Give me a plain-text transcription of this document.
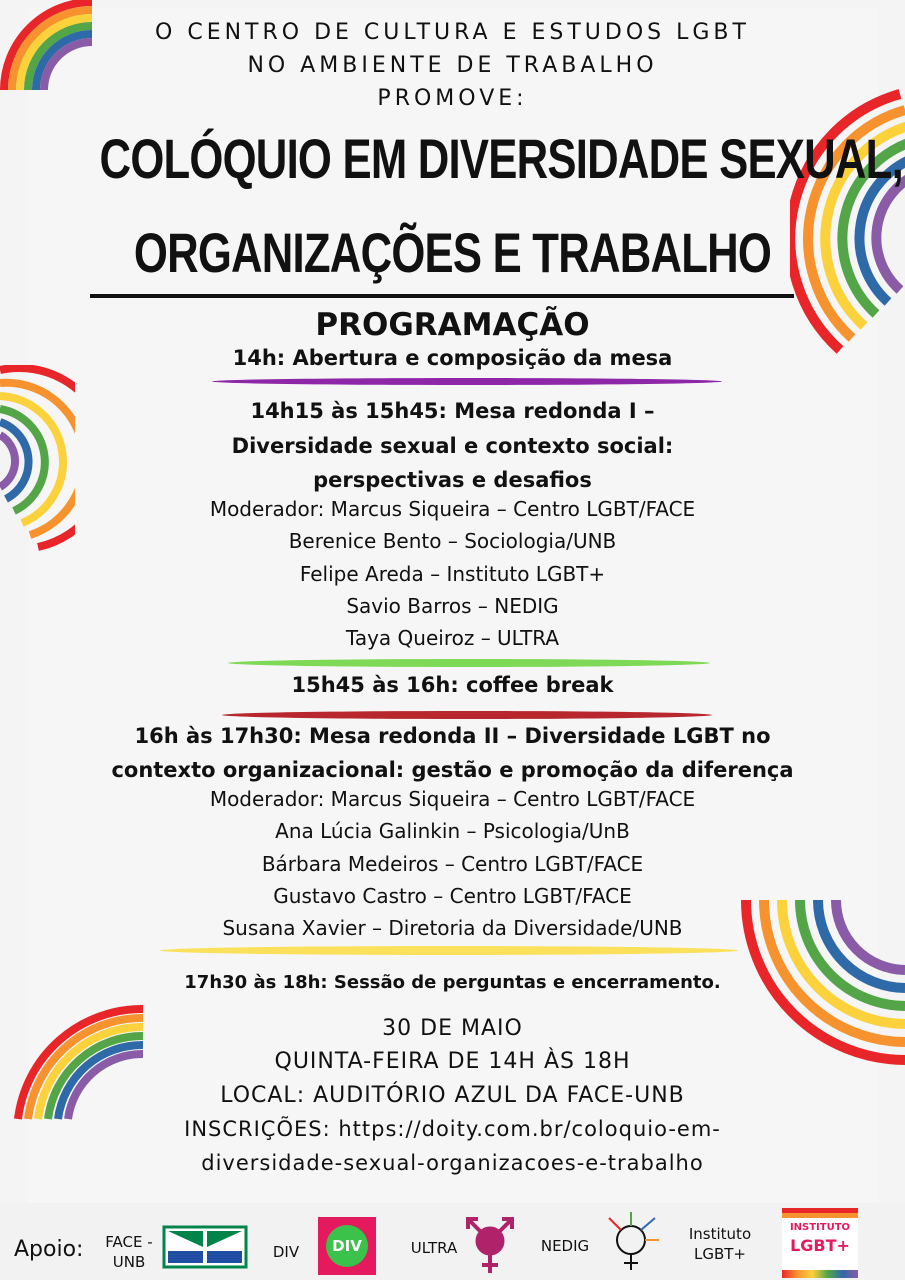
O CENTRO DE CULTURA E ESTUDOS LGBT
NO AMBIENTE DE TRABALHO
PROMOVE:
COLÓQUIO EM DIVERSIDADE SEXUAL,
ORGANIZAÇÕES E TRABALHO
PROGRAMAÇÃO
14h: Abertura e composição da mesa
14h15 às 15h45: Mesa redonda I –
Diversidade sexual e contexto social:
perspectivas e desafios
Moderador: Marcus Siqueira – Centro LGBT/FACE
Berenice Bento – Sociologia/UNB
Felipe Areda – Instituto LGBT+
Savio Barros – NEDIG
Taya Queiroz – ULTRA
15h45 às 16h: coffee break
16h às 17h30: Mesa redonda II – Diversidade LGBT no
contexto organizacional: gestão e promoção da diferença
Moderador: Marcus Siqueira – Centro LGBT/FACE
Ana Lúcia Galinkin – Psicologia/UnB
Bárbara Medeiros – Centro LGBT/FACE
Gustavo Castro – Centro LGBT/FACE
Susana Xavier – Diretoria da Diversidade/UNB
17h30 às 18h: Sessão de perguntas e encerramento.
30 DE MAIO
QUINTA-FEIRA DE 14H ÀS 18H
LOCAL: AUDITÓRIO AZUL DA FACE-UNB
INSCRIÇÕES: https://doity.com.br/coloquio-em-
diversidade-sexual-organizacoes-e-trabalho
Apoio:	FACE -
UNB
DIV	DIV	ULTRA	NEDIG
Instituto
LGBT+
INSTITUTO
LGBT+
